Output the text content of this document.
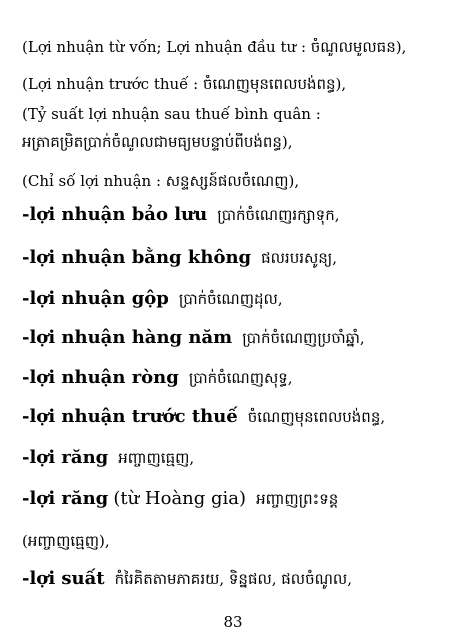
(Lợi nhuận từ vốn; Lợi nhuận đầu tư : ចំណូលមូលធន),
(Lợi nhuận trước thuế : ចំណេញមុនពេលបង់ពន្ធ),
(Tỷ suất lợi nhuận sau thuế bình quân :
អត្រាគម្រិតប្រាក់ចំណូលជាមធ្យមបន្ទាប់ពីបង់ពន្ធ),
(Chỉ số lợi nhuận : សន្ទស្សន៍ផលចំណេញ),
-lợi nhuận bảo lưu ប្រាក់ចំណេញរក្សាទុក,
-lợi nhuận bằng không ផលរបរសូន្យ,
-lợi nhuận gộp ប្រាក់ចំណេញដុល,
-lợi nhuận hàng năm ប្រាក់ចំណេញប្រចាំឆ្នាំ,
-lợi nhuận ròng ប្រាក់ចំណេញសុទ្ធ,
-lợi nhuận trước thuế ចំណេញមុនពេលបង់ពន្ធ,
-lợi răng អញ្ចាញធ្មេញ,
-lợi răng (từ Hoàng gia) អញ្ចាញព្រះទន្ត
(អញ្ចាញធ្មេញ),
-lợi suất កំរៃគិតតាមភាគរយ, ទិន្នផល, ផលចំណូល,
83
